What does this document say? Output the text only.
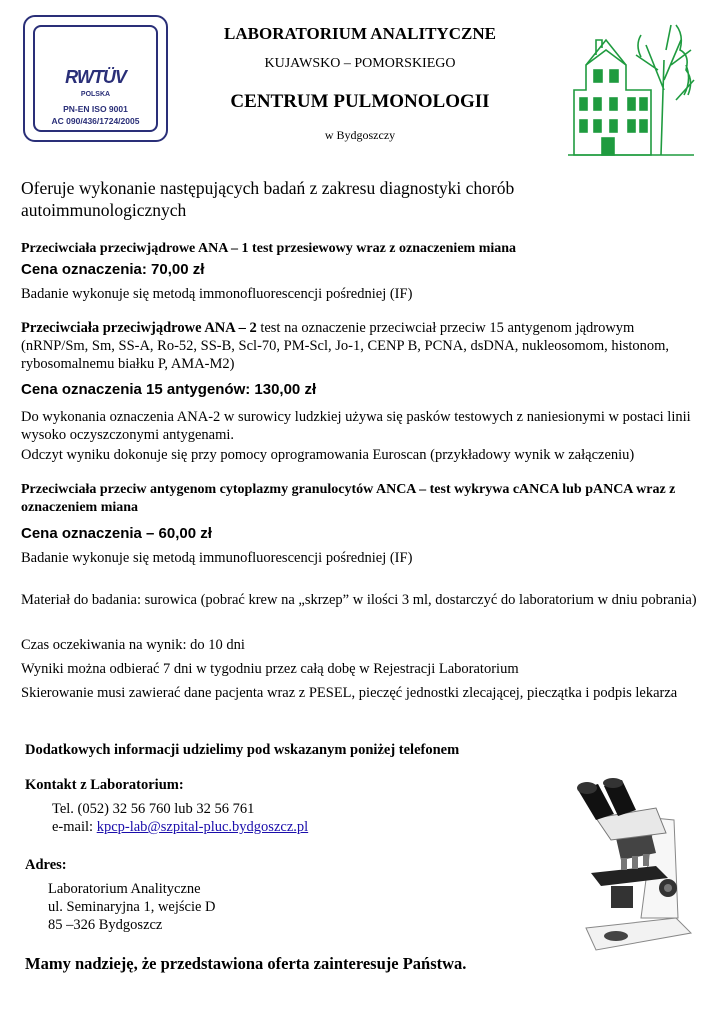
RWTÜV
POLSKA
PN-EN ISO 9001
AC 090/436/1724/2005
LABORATORIUM ANALITYCZNE
KUJAWSKO – POMORSKIEGO
CENTRUM PULMONOLOGII
w Bydgoszczy
Oferuje wykonanie następujących badań z zakresu diagnostyki chorób autoimmunologicznych
Przeciwciała przeciwjądrowe ANA – 1 test przesiewowy wraz z oznaczeniem miana
Cena oznaczenia: 70,00 zł
Badanie wykonuje się metodą immonofluorescencji pośredniej (IF)
Przeciwciała przeciwjądrowe ANA – 2 test na oznaczenie przeciwciał przeciw 15 antygenom jądrowym (nRNP/Sm, Sm, SS-A, Ro-52, SS-B, Scl-70, PM-Scl, Jo-1, CENP B, PCNA, dsDNA, nukleosomom, histonom, rybosomalnemu białku P, AMA-M2)
Cena oznaczenia 15 antygenów: 130,00 zł
Do wykonania oznaczenia ANA-2 w surowicy ludzkiej używa się pasków testowych z naniesionymi w postaci linii wysoko oczyszczonymi antygenami.
Odczyt wyniku dokonuje się przy pomocy oprogramowania Euroscan (przykładowy wynik w załączeniu)
Przeciwciała przeciw antygenom cytoplazmy granulocytów ANCA – test wykrywa cANCA lub pANCA wraz z oznaczeniem miana
Cena oznaczenia – 60,00 zł
Badanie wykonuje się metodą immunofluorescencji pośredniej (IF)
Materiał do badania: surowica (pobrać krew na „skrzep” w ilości 3 ml, dostarczyć do laboratorium w dniu pobrania)
Czas oczekiwania na wynik: do 10 dni
Wyniki można odbierać 7 dni w tygodniu przez całą dobę w Rejestracji Laboratorium
Skierowanie musi zawierać dane pacjenta wraz z PESEL, pieczęć jednostki zlecającej, pieczątka i podpis lekarza
Dodatkowych informacji udzielimy pod wskazanym poniżej telefonem
Kontakt z Laboratorium:
Tel. (052) 32 56 760 lub 32 56 761
e-mail: kpcp-lab@szpital-pluc.bydgoszcz.pl
Adres:
Laboratorium Analityczne
ul. Seminaryjna 1, wejście D
85 –326 Bydgoszcz
Mamy nadzieję, że przedstawiona oferta zainteresuje Państwa.
